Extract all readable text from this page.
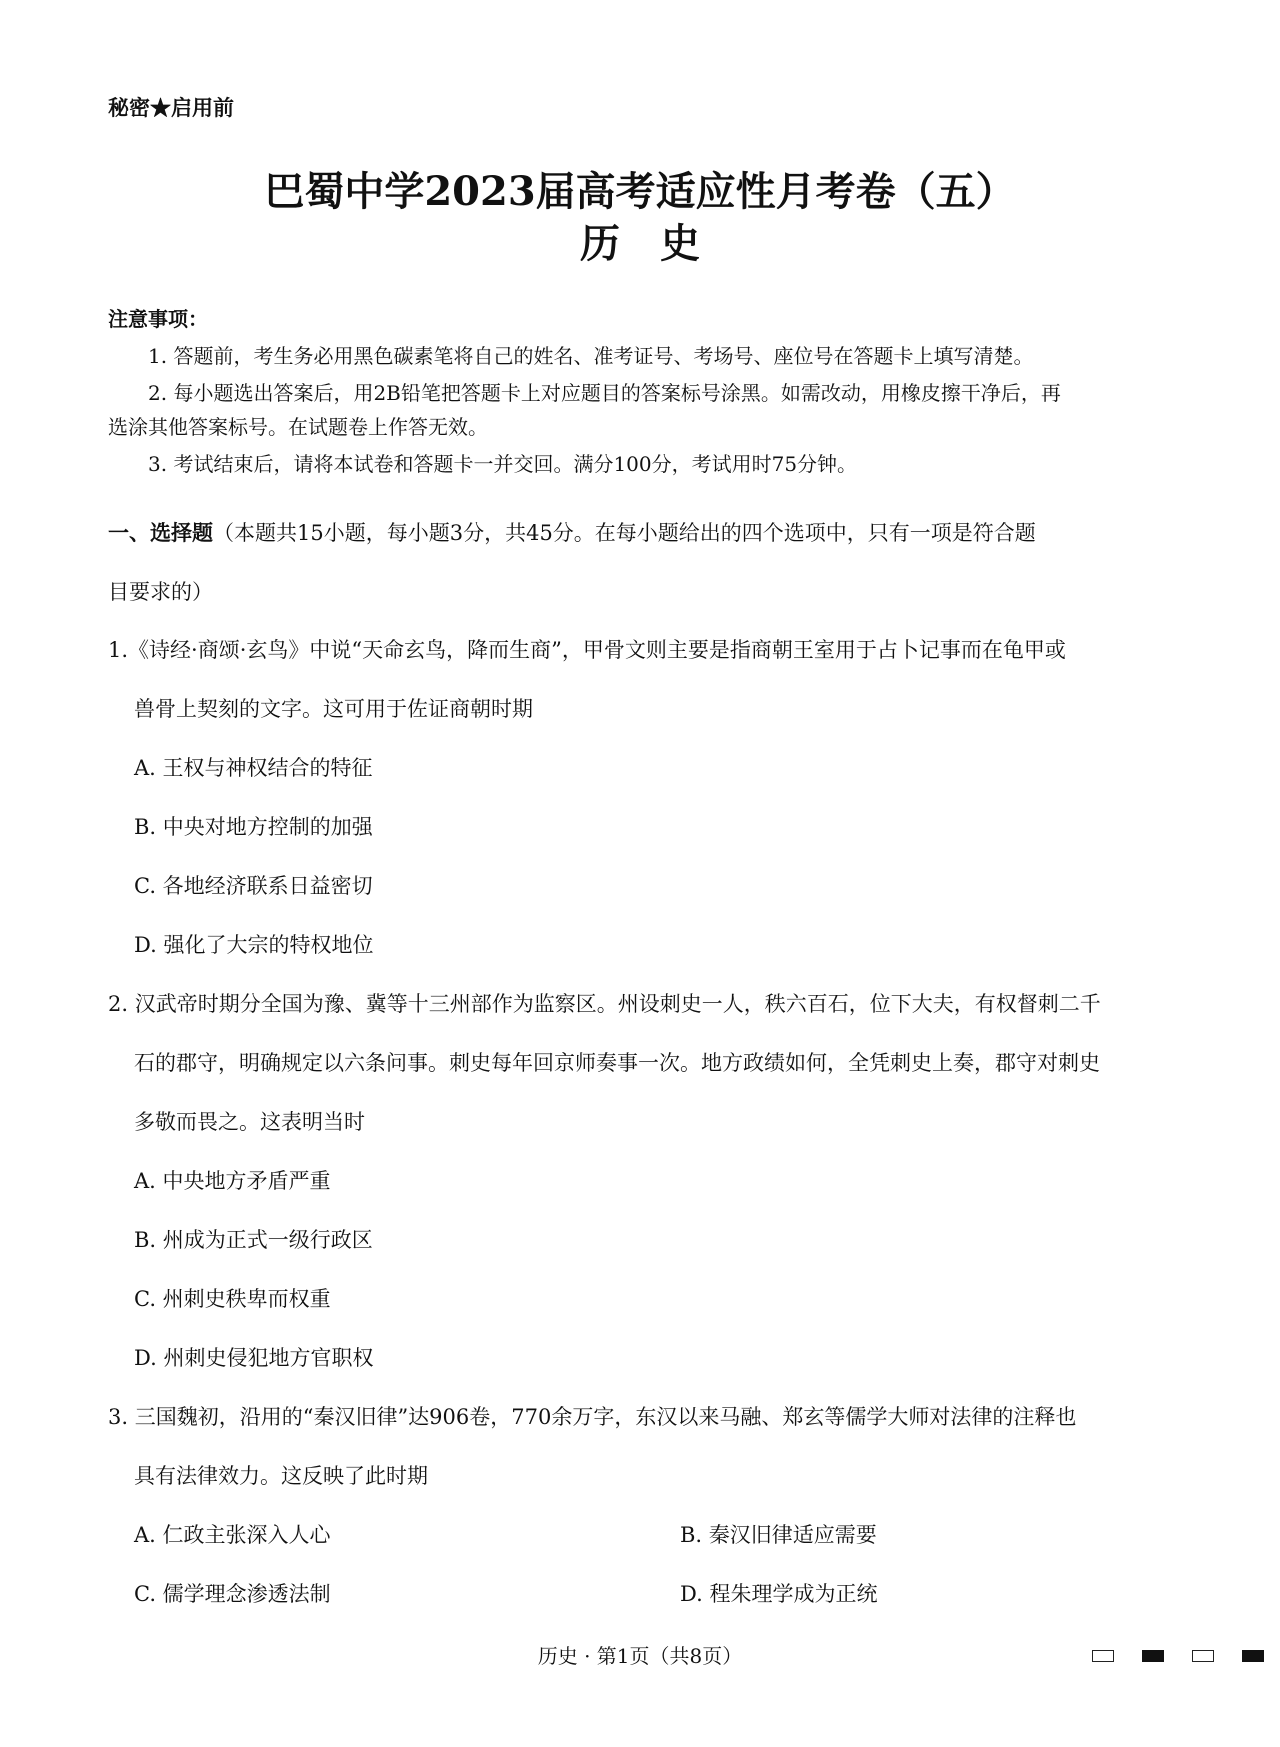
秘密★启用前
巴蜀中学2023届高考适应性月考卷（五）
历史
注意事项：
1. 答题前，考生务必用黑色碳素笔将自己的姓名、准考证号、考场号、座位号在答题卡上填写清楚。
2. 每小题选出答案后，用2B铅笔把答题卡上对应题目的答案标号涂黑。如需改动，用橡皮擦干净后，再
选涂其他答案标号。在试题卷上作答无效。
3. 考试结束后，请将本试卷和答题卡一并交回。满分100分，考试用时75分钟。
一、选择题（本题共15小题，每小题3分，共45分。在每小题给出的四个选项中，只有一项是符合题
目要求的）
1.《诗经·商颂·玄鸟》中说“天命玄鸟，降而生商”，甲骨文则主要是指商朝王室用于占卜记事而在龟甲或
兽骨上契刻的文字。这可用于佐证商朝时期
A. 王权与神权结合的特征
B. 中央对地方控制的加强
C. 各地经济联系日益密切
D. 强化了大宗的特权地位
2. 汉武帝时期分全国为豫、冀等十三州部作为监察区。州设刺史一人，秩六百石，位下大夫，有权督刺二千
石的郡守，明确规定以六条问事。刺史每年回京师奏事一次。地方政绩如何，全凭刺史上奏，郡守对刺史
多敬而畏之。这表明当时
A. 中央地方矛盾严重
B. 州成为正式一级行政区
C. 州刺史秩卑而权重
D. 州刺史侵犯地方官职权
3. 三国魏初，沿用的“秦汉旧律”达906卷，770余万字，东汉以来马融、郑玄等儒学大师对法律的注释也
具有法律效力。这反映了此时期
A. 仁政主张深入人心	B. 秦汉旧律适应需要
C. 儒学理念渗透法制	D. 程朱理学成为正统
历史 · 第1页（共8页）
